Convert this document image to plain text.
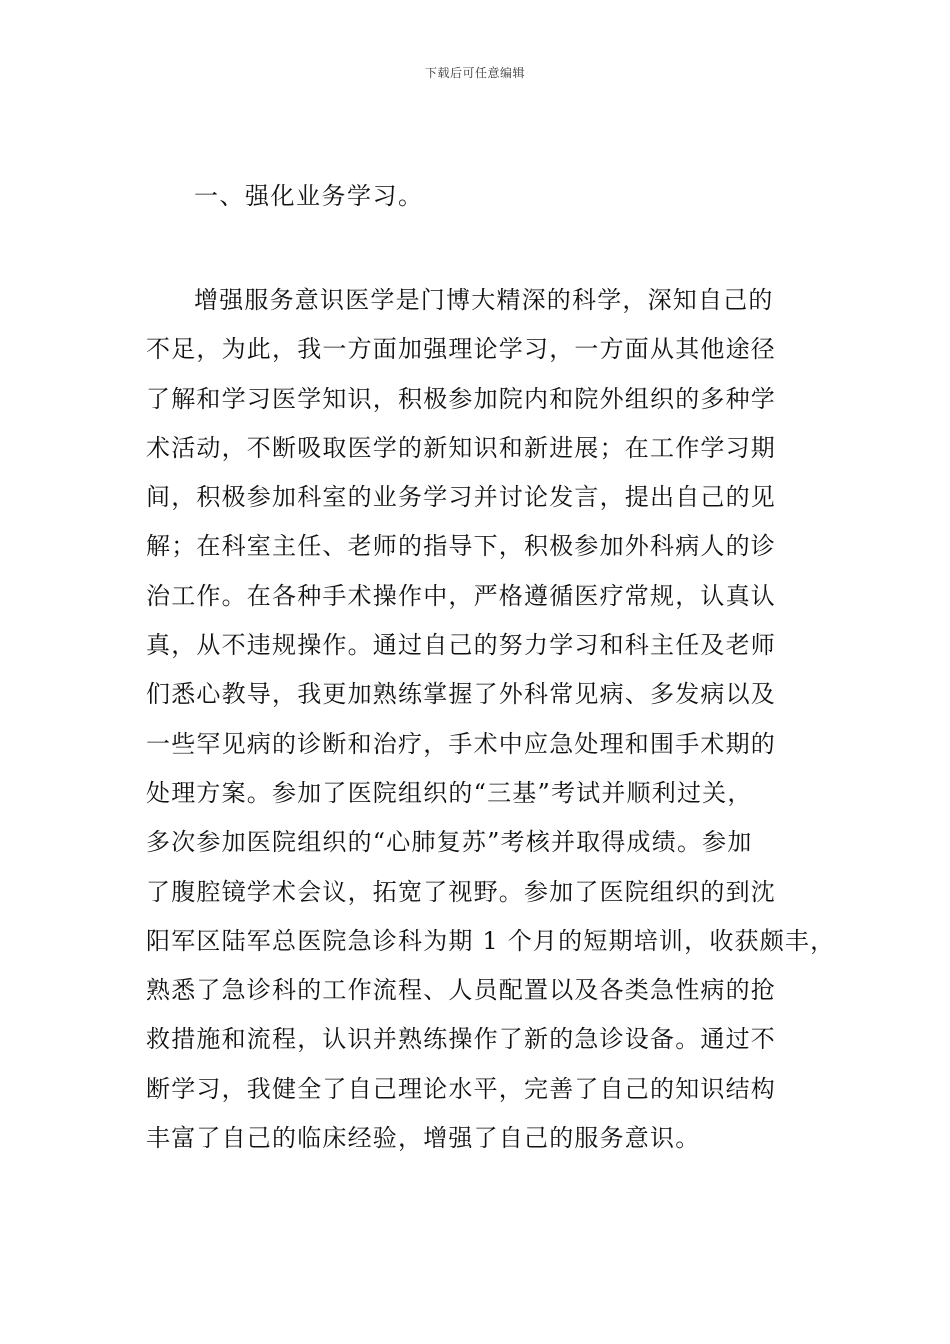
下载后可任意编辑
一、强化业务学习。
增强服务意识医学是门博大精深的科学，深知自己的
不足，为此，我一方面加强理论学习，一方面从其他途径
了解和学习医学知识，积极参加院内和院外组织的多种学
术活动，不断吸取医学的新知识和新进展；在工作学习期
间，积极参加科室的业务学习并讨论发言，提出自己的见
解；在科室主任、老师的指导下，积极参加外科病人的诊
治工作。在各种手术操作中，严格遵循医疗常规，认真认
真，从不违规操作。通过自己的努力学习和科主任及老师
们悉心教导，我更加熟练掌握了外科常见病、多发病以及
一些罕见病的诊断和治疗，手术中应急处理和围手术期的
处理方案。参加了医院组织的“三基”考试并顺利过关，
多次参加医院组织的“心肺复苏”考核并取得成绩。参加
了腹腔镜学术会议，拓宽了视野。参加了医院组织的到沈
阳军区陆军总医院急诊科为期 1 个月的短期培训，收获颇丰，
熟悉了急诊科的工作流程、人员配置以及各类急性病的抢
救措施和流程，认识并熟练操作了新的急诊设备。通过不
断学习，我健全了自己理论水平，完善了自己的知识结构
丰富了自己的临床经验，增强了自己的服务意识。
